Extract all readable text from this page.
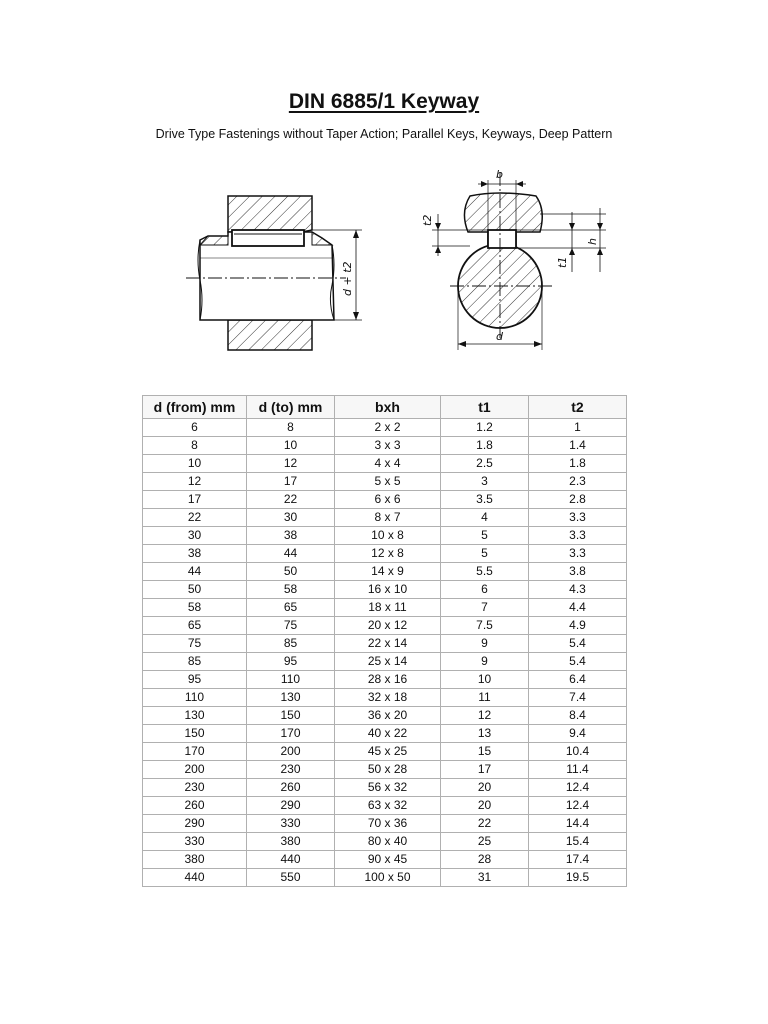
DIN 6885/1 Keyway
Drive Type Fastenings without Taper Action; Parallel Keys, Keyways, Deep Pattern
d + t2
b
t2
t1
h
d
d (from) mm	d (to) mm	bxh	t1	t2
6	8	2 x 2	1.2	1
8	10	3 x 3	1.8	1.4
10	12	4 x 4	2.5	1.8
12	17	5 x 5	3	2.3
17	22	6 x 6	3.5	2.8
22	30	8 x 7	4	3.3
30	38	10 x 8	5	3.3
38	44	12 x 8	5	3.3
44	50	14 x 9	5.5	3.8
50	58	16 x 10	6	4.3
58	65	18 x 11	7	4.4
65	75	20 x 12	7.5	4.9
75	85	22 x 14	9	5.4
85	95	25 x 14	9	5.4
95	110	28 x 16	10	6.4
110	130	32 x 18	11	7.4
130	150	36 x 20	12	8.4
150	170	40 x 22	13	9.4
170	200	45 x 25	15	10.4
200	230	50 x 28	17	11.4
230	260	56 x 32	20	12.4
260	290	63 x 32	20	12.4
290	330	70 x 36	22	14.4
330	380	80 x 40	25	15.4
380	440	90 x 45	28	17.4
440	550	100 x 50	31	19.5
